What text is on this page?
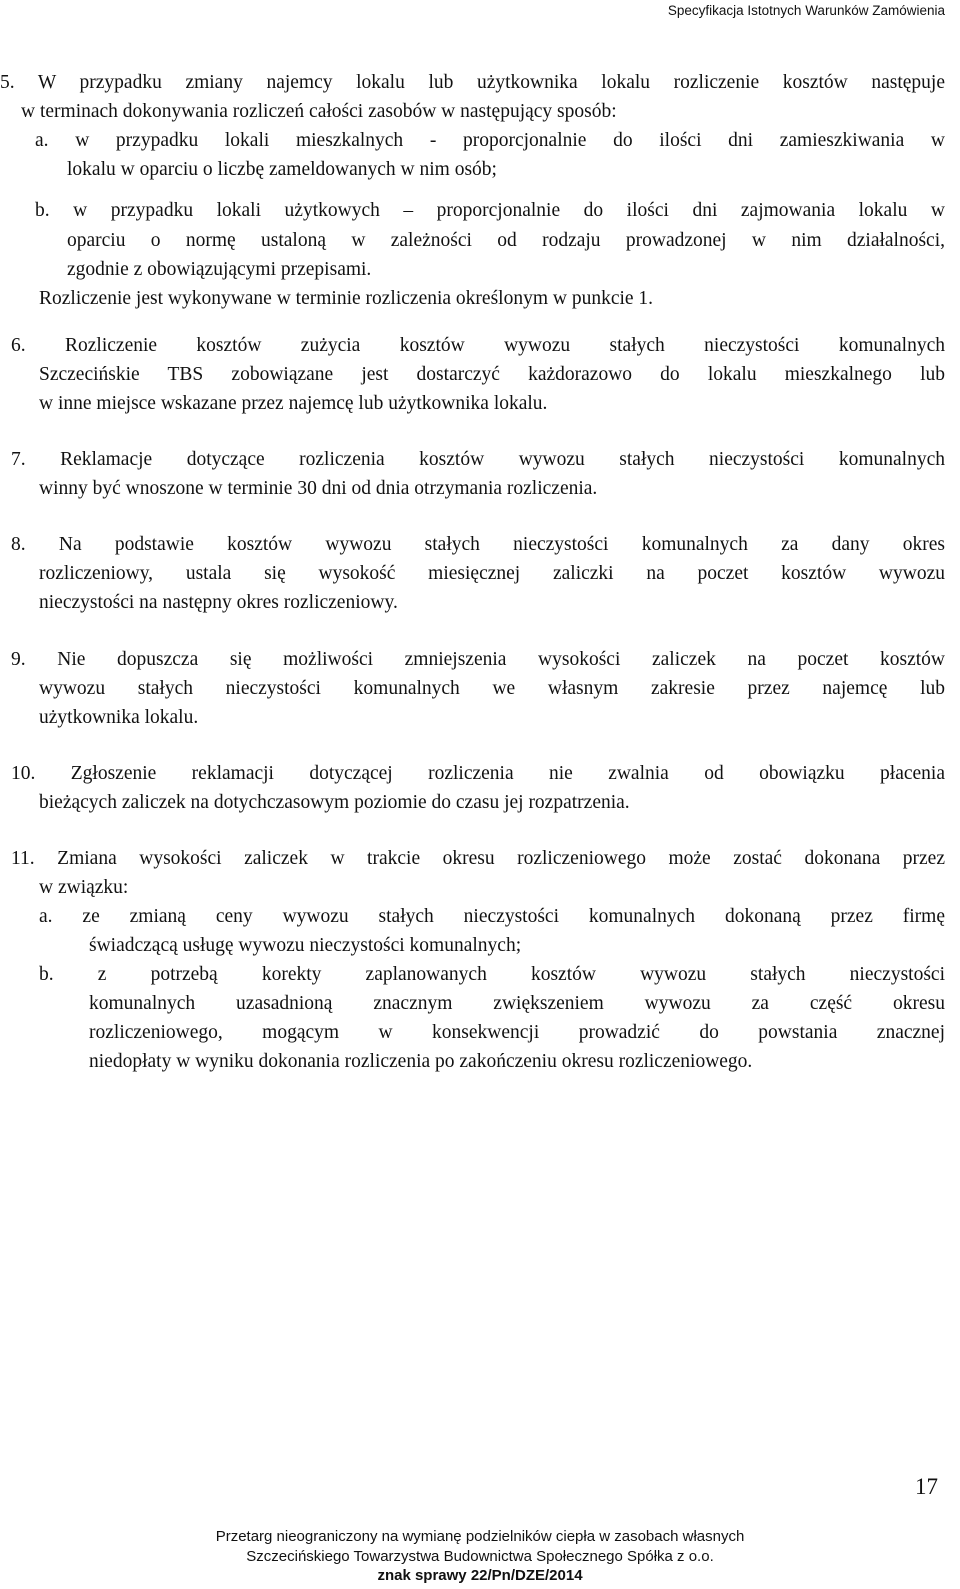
Specyfikacja Istotnych Warunków Zamówienia
5. W przypadku zmiany najemcy lokalu lub użytkownika lokalu rozliczenie kosztów następuje
w terminach dokonywania rozliczeń całości zasobów w następujący sposób:
a. w przypadku lokali mieszkalnych - proporcjonalnie do ilości dni zamieszkiwania w
lokalu w oparciu o liczbę zameldowanych w nim osób;
b. w przypadku lokali użytkowych – proporcjonalnie do ilości dni zajmowania lokalu w
oparciu o normę ustaloną w zależności od rodzaju prowadzonej w nim działalności,
zgodnie z obowiązującymi przepisami.
Rozliczenie jest wykonywane w terminie rozliczenia określonym w punkcie 1.
6. Rozliczenie kosztów zużycia kosztów wywozu stałych nieczystości komunalnych
Szczecińskie TBS zobowiązane jest dostarczyć każdorazowo do lokalu mieszkalnego lub
w inne miejsce wskazane przez najemcę lub użytkownika lokalu.
7. Reklamacje dotyczące rozliczenia kosztów wywozu stałych nieczystości komunalnych
winny być wnoszone w terminie 30 dni od dnia otrzymania rozliczenia.
8. Na podstawie kosztów wywozu stałych nieczystości komunalnych za dany okres
rozliczeniowy, ustala się wysokość miesięcznej zaliczki na poczet kosztów wywozu
nieczystości na następny okres rozliczeniowy.
9. Nie dopuszcza się możliwości zmniejszenia wysokości zaliczek na poczet kosztów
wywozu stałych nieczystości komunalnych we własnym zakresie przez najemcę lub
użytkownika lokalu.
10. Zgłoszenie reklamacji dotyczącej rozliczenia nie zwalnia od obowiązku płacenia
bieżących zaliczek na dotychczasowym poziomie do czasu jej rozpatrzenia.
11. Zmiana wysokości zaliczek w trakcie okresu rozliczeniowego może zostać dokonana przez
w związku:
a. ze zmianą ceny wywozu stałych nieczystości komunalnych dokonaną przez firmę
świadczącą usługę wywozu nieczystości komunalnych;
b. z potrzebą korekty zaplanowanych kosztów wywozu stałych nieczystości
komunalnych uzasadnioną znacznym zwiększeniem wywozu za część okresu
rozliczeniowego, mogącym w konsekwencji prowadzić do powstania znacznej
niedopłaty w wyniku dokonania rozliczenia po zakończeniu okresu rozliczeniowego.
17
Przetarg nieograniczony na wymianę podzielników ciepła w zasobach własnych
Szczecińskiego Towarzystwa Budownictwa Społecznego Spółka z o.o.
znak sprawy 22/Pn/DZE/2014
